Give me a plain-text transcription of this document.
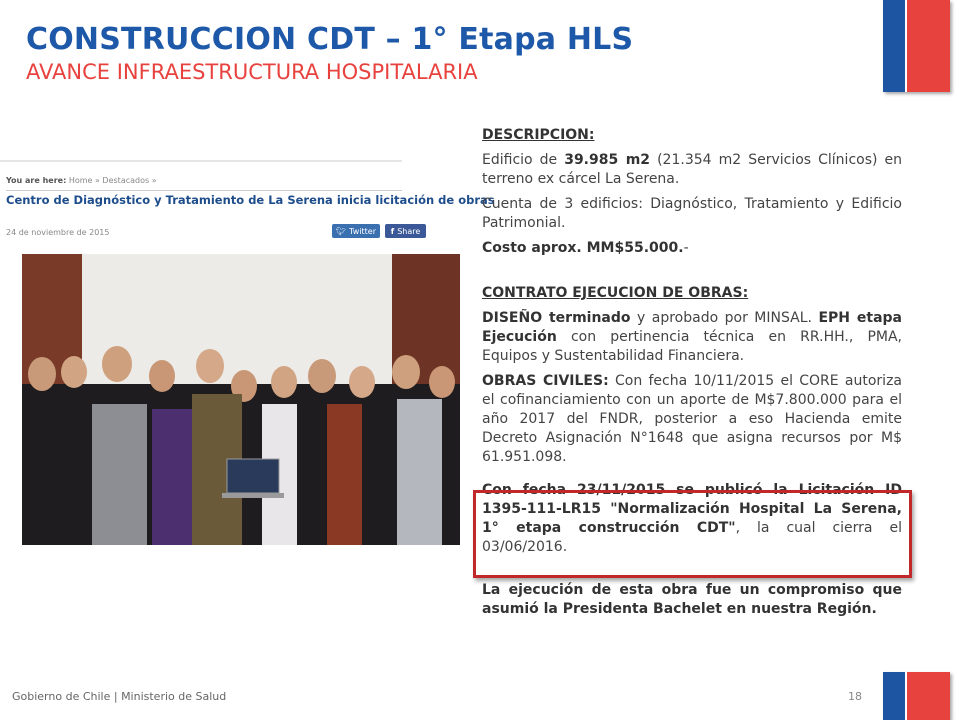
CONSTRUCCION CDT – 1° Etapa HLS
AVANCE INFRAESTRUCTURA HOSPITALARIA
You are here: Home » Destacados »
Centro de Diagnóstico y Tratamiento de La Serena inicia licitación de obras
24 de noviembre de 2015	🐦︎ Twitter f Share

DESCRIPCION:

Edificio de 39.985 m2 (21.354 m2 Servicios Clínicos) en terreno ex cárcel La Serena.

Cuenta de 3 edificios: Diagnóstico, Tratamiento y Edificio Patrimonial.

Costo aprox. MM$55.000.-

CONTRATO EJECUCION DE OBRAS:

DISEÑO terminado y aprobado por MINSAL. EPH etapa Ejecución con pertinencia técnica en RR.HH., PMA, Equipos y Sustentabilidad Financiera.

OBRAS CIVILES: Con fecha 10/11/2015 el CORE autoriza el cofinanciamiento con un aporte de M$7.800.000 para el año 2017 del FNDR, posterior a eso Hacienda emite Decreto Asignación N°1648 que asigna recursos por M$ 61.951.098.

Con fecha 23/11/2015 se publicó la Licitación ID 1395-111-LR15 "Normalización Hospital La Serena, 1° etapa construcción CDT", la cual cierra el 03/06/2016.

La ejecución de esta obra fue un compromiso que asumió la Presidenta Bachelet en nuestra Región.

Gobierno de Chile | Ministerio de Salud	18
